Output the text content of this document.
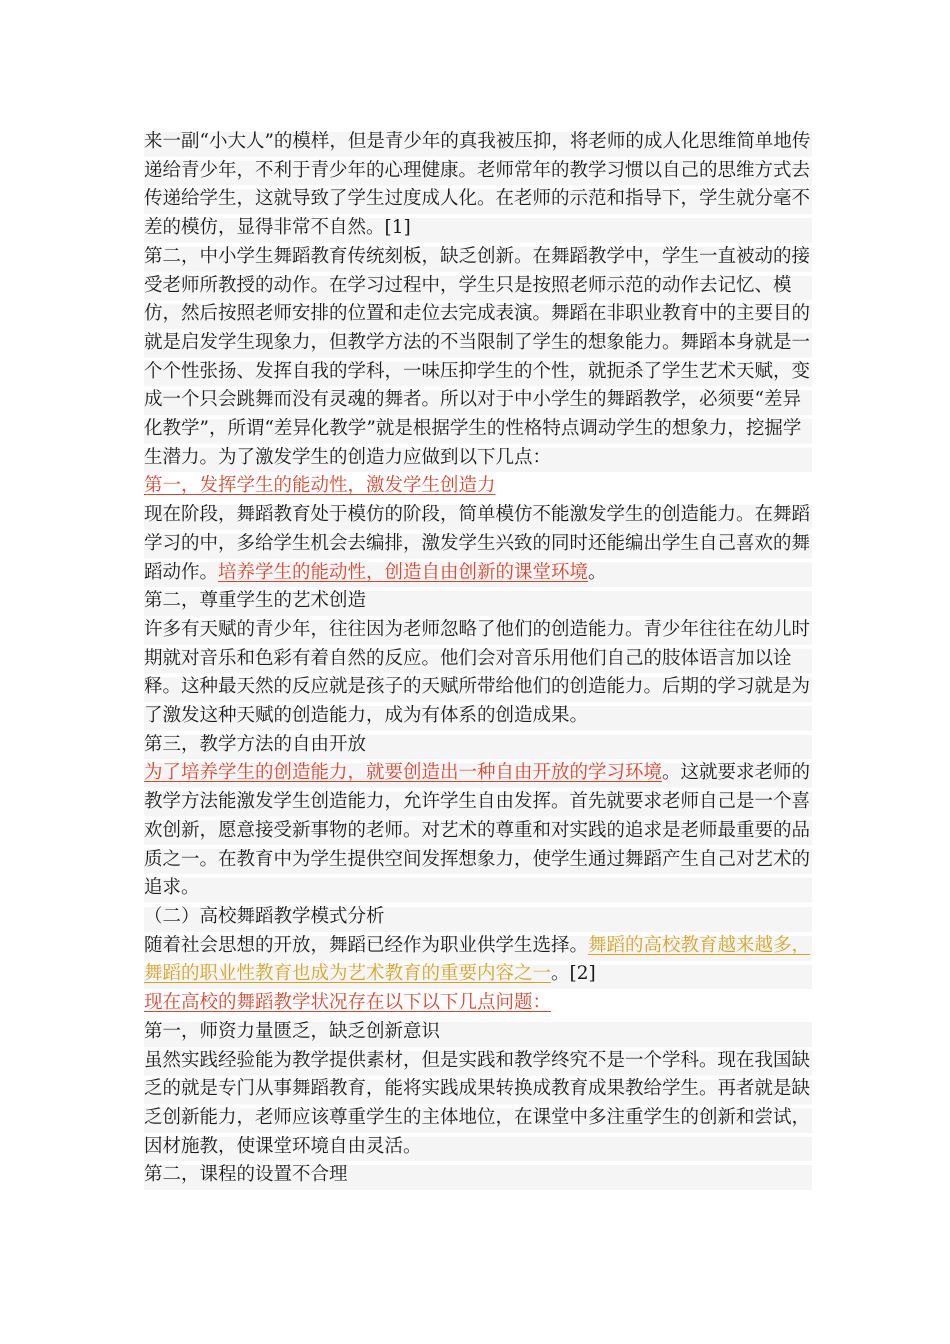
来一副“小大人”的模样，但是青少年的真我被压抑，将老师的成人化思维简单地传递给青少年，不利于青少年的心理健康。老师常年的教学习惯以自己的思维方式去传递给学生，这就导致了学生过度成人化。在老师的示范和指导下，学生就分毫不差的模仿，显得非常不自然。[1]

第二，中小学生舞蹈教育传统刻板，缺乏创新。在舞蹈教学中，学生一直被动的接受老师所教授的动作。在学习过程中，学生只是按照老师示范的动作去记忆、模仿，然后按照老师安排的位置和走位去完成表演。舞蹈在非职业教育中的主要目的就是启发学生现象力，但教学方法的不当限制了学生的想象能力。舞蹈本身就是一个个性张扬、发挥自我的学科，一味压抑学生的个性，就扼杀了学生艺术天赋，变成一个只会跳舞而没有灵魂的舞者。所以对于中小学生的舞蹈教学，必须要“差异化教学”，所谓“差异化教学”就是根据学生的性格特点调动学生的想象力，挖掘学生潜力。为了激发学生的创造力应做到以下几点：

第一，发挥学生的能动性，激发学生创造力

现在阶段，舞蹈教育处于模仿的阶段，简单模仿不能激发学生的创造能力。在舞蹈学习的中，多给学生机会去编排，激发学生兴致的同时还能编出学生自己喜欢的舞蹈动作。培养学生的能动性，创造自由创新的课堂环境。

第二，尊重学生的艺术创造

许多有天赋的青少年，往往因为老师忽略了他们的创造能力。青少年往往在幼儿时期就对音乐和色彩有着自然的反应。他们会对音乐用他们自己的肢体语言加以诠释。这种最天然的反应就是孩子的天赋所带给他们的创造能力。后期的学习就是为了激发这种天赋的创造能力，成为有体系的创造成果。

第三，教学方法的自由开放

为了培养学生的创造能力，就要创造出一种自由开放的学习环境。这就要求老师的教学方法能激发学生创造能力，允许学生自由发挥。首先就要求老师自己是一个喜欢创新，愿意接受新事物的老师。对艺术的尊重和对实践的追求是老师最重要的品质之一。在教育中为学生提供空间发挥想象力，使学生通过舞蹈产生自己对艺术的追求。

（二）高校舞蹈教学模式分析

随着社会思想的开放，舞蹈已经作为职业供学生选择。舞蹈的高校教育越来越多，舞蹈的职业性教育也成为艺术教育的重要内容之一。[2]

现在高校的舞蹈教学状况存在以下以下几点问题：

第一，师资力量匮乏，缺乏创新意识

虽然实践经验能为教学提供素材，但是实践和教学终究不是一个学科。现在我国缺乏的就是专门从事舞蹈教育，能将实践成果转换成教育成果教给学生。再者就是缺乏创新能力，老师应该尊重学生的主体地位，在课堂中多注重学生的创新和尝试，因材施教，使课堂环境自由灵活。

第二，课程的设置不合理
